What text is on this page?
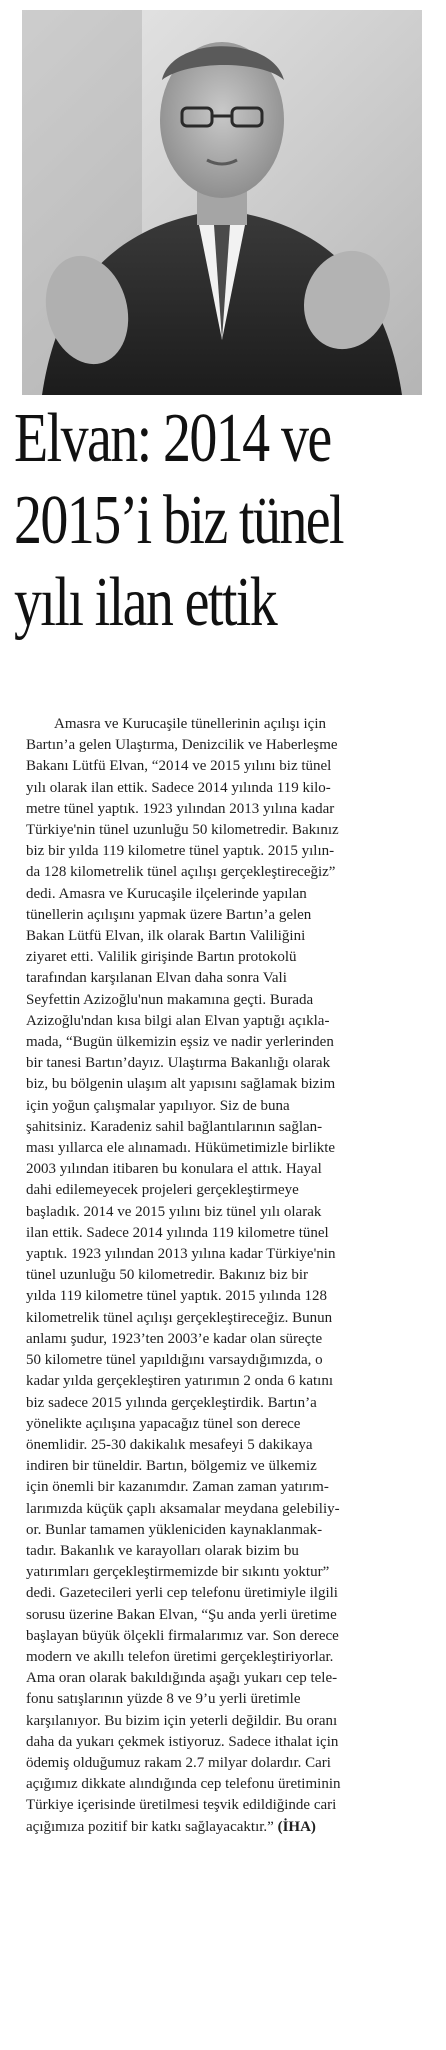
Elvan: 2014 ve
2015’i biz tünel
yılı ilan ettik
Amasra ve Kurucaşile tünellerinin açılışı için
Bartın’a gelen Ulaştırma, Denizcilik ve Haberleşme
Bakanı Lütfü Elvan, “2014 ve 2015 yılını biz tünel
yılı olarak ilan ettik. Sadece 2014 yılında 119 kilo-
metre tünel yaptık. 1923 yılından 2013 yılına kadar
Türkiye'nin tünel uzunluğu 50 kilometredir. Bakınız
biz bir yılda 119 kilometre tünel yaptık. 2015 yılın-
da 128 kilometrelik tünel açılışı gerçekleştireceğiz”
dedi. Amasra ve Kurucaşile ilçelerinde yapılan
tünellerin açılışını yapmak üzere Bartın’a gelen
Bakan Lütfü Elvan, ilk olarak Bartın Valiliğini
ziyaret etti. Valilik girişinde Bartın protokolü
tarafından karşılanan Elvan daha sonra Vali
Seyfettin Azizoğlu'nun makamına geçti. Burada
Azizoğlu'ndan kısa bilgi alan Elvan yaptığı açıkla-
mada, “Bugün ülkemizin eşsiz ve nadir yerlerinden
bir tanesi Bartın’dayız. Ulaştırma Bakanlığı olarak
biz, bu bölgenin ulaşım alt yapısını sağlamak bizim
için yoğun çalışmalar yapılıyor. Siz de buna
şahitsiniz. Karadeniz sahil bağlantılarının sağlan-
ması yıllarca ele alınamadı. Hükümetimizle birlikte
2003 yılından itibaren bu konulara el attık. Hayal
dahi edilemeyecek projeleri gerçekleştirmeye
başladık. 2014 ve 2015 yılını biz tünel yılı olarak
ilan ettik. Sadece 2014 yılında 119 kilometre tünel
yaptık. 1923 yılından 2013 yılına kadar Türkiye'nin
tünel uzunluğu 50 kilometredir. Bakınız biz bir
yılda 119 kilometre tünel yaptık. 2015 yılında 128
kilometrelik tünel açılışı gerçekleştireceğiz. Bunun
anlamı şudur, 1923’ten 2003’e kadar olan süreçte
50 kilometre tünel yapıldığını varsaydığımızda, o
kadar yılda gerçekleştiren yatırımın 2 onda 6 katını
biz sadece 2015 yılında gerçekleştirdik. Bartın’a
yönelikte açılışına yapacağız tünel son derece
önemlidir. 25-30 dakikalık mesafeyi 5 dakikaya
indiren bir tüneldir. Bartın, bölgemiz ve ülkemiz
için önemli bir kazanımdır. Zaman zaman yatırım-
larımızda küçük çaplı aksamalar meydana gelebiliy-
or. Bunlar tamamen yükleniciden kaynaklanmak-
tadır. Bakanlık ve karayolları olarak bizim bu
yatırımları gerçekleştirmemizde bir sıkıntı yoktur”
dedi. Gazetecileri yerli cep telefonu üretimiyle ilgili
sorusu üzerine Bakan Elvan, “Şu anda yerli üretime
başlayan büyük ölçekli firmalarımız var. Son derece
modern ve akıllı telefon üretimi gerçekleştiriyorlar.
Ama oran olarak bakıldığında aşağı yukarı cep tele-
fonu satışlarının yüzde 8 ve 9’u yerli üretimle
karşılanıyor. Bu bizim için yeterli değildir. Bu oranı
daha da yukarı çekmek istiyoruz. Sadece ithalat için
ödemiş olduğumuz rakam 2.7 milyar dolardır. Cari
açığımız dikkate alındığında cep telefonu üretiminin
Türkiye içerisinde üretilmesi teşvik edildiğinde cari
açığımıza pozitif bir katkı sağlayacaktır.” (İHA)
